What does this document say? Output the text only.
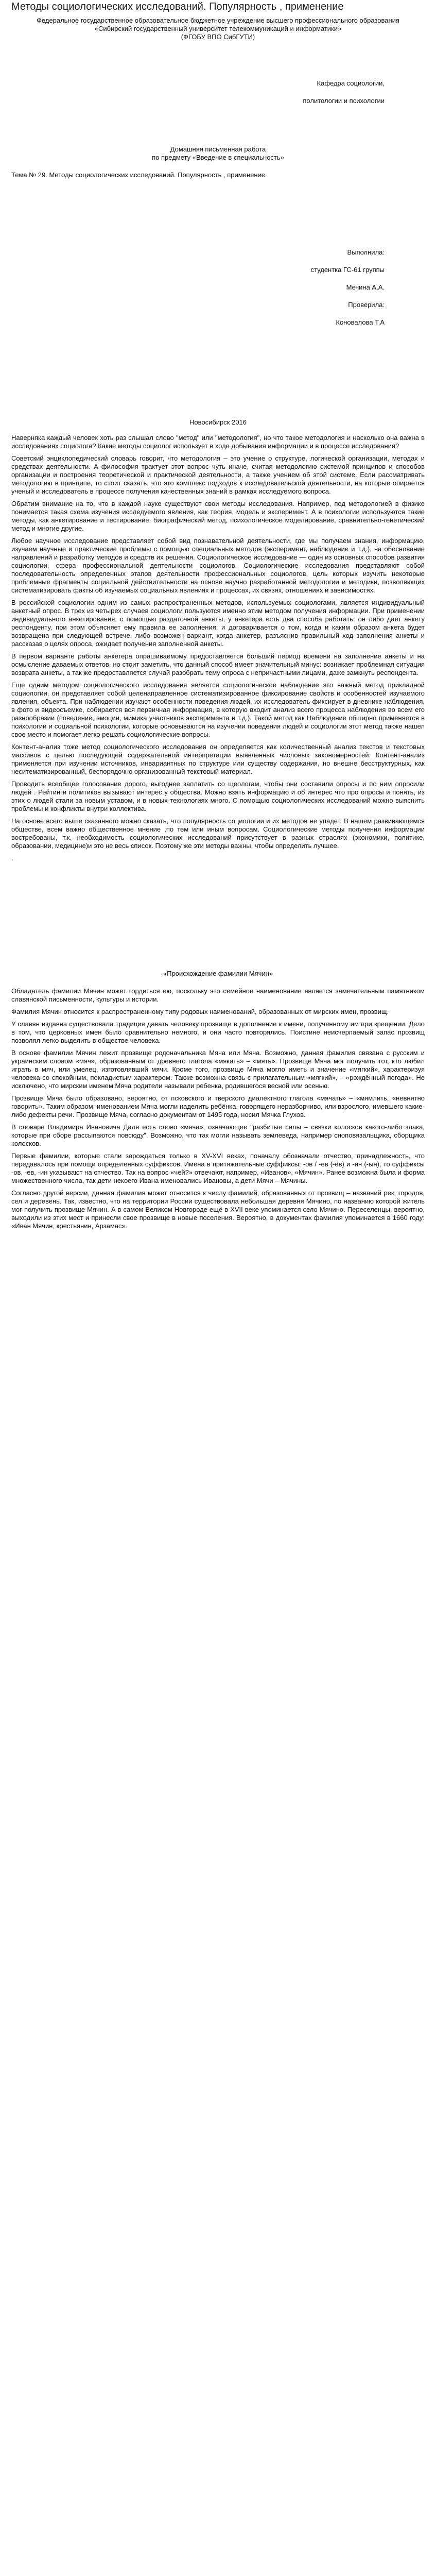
Методы социологических исследований. Популярность , применение
Федеральное государственное образовательное бюджетное учреждение высшего профессионального образования
«Сибирский государственный университет телекоммуникаций и информатики»
(ФГОБУ ВПО СибГУТИ)
Кафедра социологии,
политологии и психологии
Домашняя письменная работа
по предмету «Введение в специальность»
Тема № 29. Методы социологических исследований. Популярность , применение.
Выполнила:
студентка ГС-61 группы
Мечина А.А.
Проверила:
Коновалова Т.А
Новосибирск 2016

Наверняка каждый человек хоть раз слышал слово "метод" или "методология", но что такое методология и насколько она важна в исследованиях социолога? Какие методы социолог использует в ходе добывания информации и в процессе исследования?

Советский энциклопедический словарь говорит, что методология – это учение о структуре, логической организации, методах и средствах деятельности. А философия трактует этот вопрос чуть иначе, считая методологию системой принципов и способов организации и построения теоретической и практической деятельности, а также учением об этой системе. Если рассматривать методологию в принципе, то стоит сказать, что это комплекс подходов к исследовательской деятельности, на которые опирается ученый и исследователь в процессе получения качественных знаний в рамках исследуемого вопроса.

Обратим внимание на то, что в каждой науке существуют свои методы исследования. Например, под методологией в физике понимается такая схема изучения исследуемого явления, как теория, модель и эксперимент. А в психологии используются такие методы, как анкетирование и тестирование, биографический метод, психологическое моделирование, сравнительно-генетический метод и многие другие.

Любое научное исследование представляет собой вид познавательной деятельности, где мы получаем знания, информацию, изучаем научные и практические проблемы с помощью специальных методов (эксперимент, наблюдение и т.д.), на обоснование направлений и разработку методов и средств их решения. Социологическое исследование — один из основных способов развития социологии, сфера профессиональной деятельности социологов. Социологические исследования представляют собой последовательность определенных этапов деятельности профессиональных социологов, цель которых изучить некоторые проблемные фрагменты социальной действительности на основе научно разработанной методологии и методики, позволяющих систематизировать факты об изучаемых социальных явлениях и процессах, их связях, отношениях и зависимостях.

В российской социологии одним из самых распространенных методов, используемых социологами, является индивидуальный анкетный опрос. В трех из четырех случаев социологи пользуются именно этим методом получения информации. При применении индивидуального анкетирования, с помощью раздаточной анкеты, у анкетера есть два способа работать: он либо дает анкету респонденту, при этом объясняет ему правила ее заполнения; и договаривается о том, когда и каким образом анкета будет возвращена при следующей встрече, либо возможен вариант, когда анкетер, разъяснив правильный ход заполнения анкеты и рассказав о целях опроса, ожидает получения заполненной анкеты.

В первом варианте работы анкетера опрашиваемому предоставляется больший период времени на заполнение анкеты и на осмысление даваемых ответов, но стоит заметить, что данный способ имеет значительный минус: возникает проблемная ситуация возврата анкеты, а так же предоставляется случай разобрать тему опроса с непричастными лицами, даже замкнуть респондента.

Еще одним методом социологического исследования является социологическое наблюдение это важный метод прикладной социологии, он представляет собой целенаправленное систематизированное фиксирование свойств и особенностей изучаемого явления, объекта. При наблюдении изучают особенности поведения людей, их исследователь фиксирует в дневнике наблюдения, в фото и видеосъемке, собирается вся первичная информация, в которую входит анализ всего процесса наблюдения во всем его разнообразии (поведение, эмоции, мимика участников эксперимента и т.д.). Такой метод как Наблюдение обширно применяется в психологии и социальной психологии, которые основываются на изучении поведения людей и социологии этот метод также нашел свое место и помогает легко решать социологические вопросы.

Контент-анализ тоже метод социологического исследования он определяется как количественный анализ текстов и текстовых массивов с целью последующей содержательной интерпретации выявленных числовых закономерностей. Контент-анализ применяется при изучении источников, инвариантных по структуре или существу содержания, но внешне бесструктурных, как неситематизированный, беспорядочно организованный текстовый материал.

Проводить всеобщее голосование дорого, выгоднее заплатить со щеологам, чтобы они составили опросы и по ним опросили людей . Рейтинги политиков вызывают интерес у общества. Можно взять информацию и об интерес что про опросы и понять, из этих о людей стали за новым уставом, и в новых технологиях много. С помощью социологических исследований можно выяснить проблемы и конфликты внутри коллектива.

На основе всего выше сказанного можно сказать, что популярность социологии и их методов не упадет. В нашем развивающемся обществе, всем важно общественное мнение ,по тем или иным вопросам. Социологические методы получения информации востребованы, т.к. необходимость социологических исследований присутствует в разных отраслях (экономики, политике, образовании, медицине)и это не весь список. Поэтому же эти методы важны, чтобы определить лучшее.

.

«Происхождение фамилии Мячин»

Обладатель фамилии Мячин может гордиться ею, поскольку это семейное наименование является замечательным памятником славянской письменности, культуры и истории.

Фамилия Мячин относится к распространенному типу родовых наименований, образованных от мирских имен, прозвищ.

У славян издавна существовала традиция давать человеку прозвище в дополнение к имени, полученному им при крещении. Дело в том, что церковных имен было сравнительно немного, и они часто повторялись. Поистине неисчерпаемый запас прозвищ позволял легко выделить в обществе человека.

В основе фамилии Мячин лежит прозвище родоначальника Мяча или Мяча. Возможно, данная фамилия связана с русским и украинским словом «мяч», образованным от древнего глагола «мякать» – «мять». Прозвище Мяча мог получить тот, кто любил играть в мяч, или умелец, изготовлявший мячи. Кроме того, прозвище Мяча могло иметь и значение «мягкий», характеризуя человека со спокойным, покладистым характером. Также возможна связь с прилагательным «мягкий», – «рождённый погода». Не исключено, что мирским именем Мяча родители называли ребенка, родившегося весной или осенью.

Прозвище Мяча было образовано, вероятно, от псковского и тверского диалектного глагола «мячать» – «мямлить, «невнятно говорить». Таким образом, именованием Мяча могли наделить ребёнка, говорящего неразборчиво, или взрослого, имевшего какие-либо дефекты речи. Прозвище Мяча, согласно документам от 1495 года, носил Мячка Глухов.

В словаре Владимира Ивановича Даля есть слово «мяча», означающее "разбитые силы – связки колосков какого-либо злака, которые при сборе рассыпаются повсюду". Возможно, что так могли называть землеведа, например сноповязальщика, сборщика колосков.

Первые фамилии, которые стали зарождаться только в XV-XVI веках, поначалу обозначали отчество, принадлежность, что передавалось при помощи определенных суффиксов. Имена в притяжательные суффиксы: -ов / -ев (-ёв) и -ин (-ын), то суффиксы -ов, -ев, -ин указывают на отчество. Так на вопрос «чей?» отвечают, например, «Иванов», «Мячин». Ранее возможна была и форма множественного числа, так дети некоего Ивана именовались Ивановы, а дети Мячи – Мячины.

Согласно другой версии, данная фамилия может относится к числу фамилий, образованных от прозвищ – названий рек, городов, сел и деревень. Так, известно, что на территории России существовала небольшая деревня Мячино, по названию которой житель мог получить прозвище Мячин. А в самом Великом Новгороде ещё в XVII веке упоминается село Мячино. Переселенцы, вероятно, выходили из этих мест и принесли свое прозвище в новые поселения. Вероятно, в документах фамилия упоминается в 1660 году: «Иван Мячин, крестьянин, Арзамас».
